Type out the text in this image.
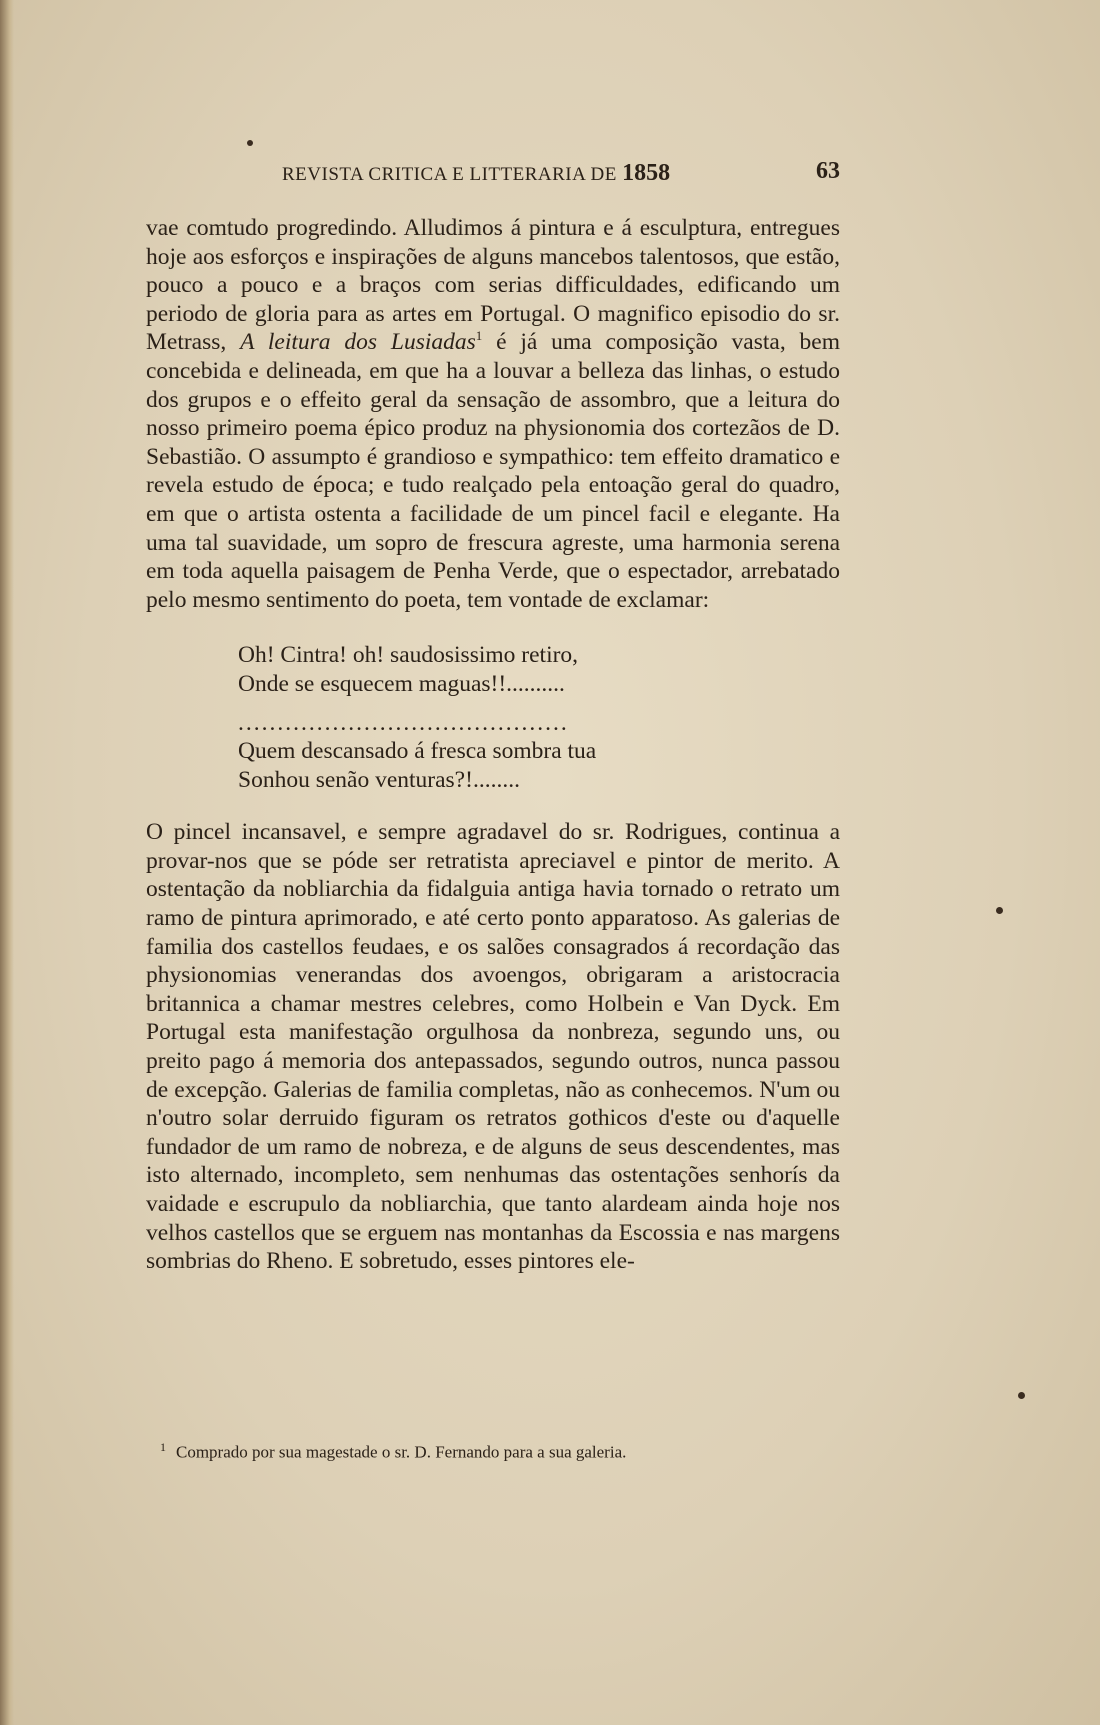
REVISTA CRITICA E LITTERARIA DE 1858	63

vae comtudo progredindo. Alludimos á pintura e á esculptura, entregues hoje aos esforços e inspirações de alguns mancebos talentosos, que estão, pouco a pouco e a braços com serias difficuldades, edificando um periodo de gloria para as artes em Portugal. O magnifico episodio do sr. Metrass, A leitura dos Lusiadas$^1$ é já uma composição vasta, bem concebida e delineada, em que ha a louvar a belleza das linhas, o estudo dos grupos e o effeito geral da sensação de assombro, que a leitura do nosso primeiro poema épico produz na physionomia dos cortezãos de D. Sebastião. O assumpto é grandioso e sympathico: tem effeito dramatico e revela estudo de época; e tudo realçado pela entoação geral do quadro, em que o artista ostenta a facilidade de um pincel facil e elegante. Ha uma tal suavidade, um sopro de frescura agreste, uma harmonia serena em toda aquella paisagem de Penha Verde, que o espectador, arrebatado pelo mesmo sentimento do poeta, tem vontade de exclamar:

Oh! Cintra! oh! saudosissimo retiro,
Onde se esquecem maguas!!..........
..........................................
Quem descansado á fresca sombra tua
Sonhou senão venturas?!........

O pincel incansavel, e sempre agradavel do sr. Rodrigues, continua a provar-nos que se póde ser retratista apreciavel e pintor de merito. A ostentação da nobliarchia da fidalguia antiga havia tornado o retrato um ramo de pintura aprimorado, e até certo ponto apparatoso. As galerias de familia dos castellos feudaes, e os salões consagrados á recordação das physionomias venerandas dos avoengos, obrigaram a aristocracia britannica a chamar mestres celebres, como Holbein e Van Dyck. Em Portugal esta manifestação orgulhosa da nonbreza, segundo uns, ou preito pago á memoria dos antepassados, segundo outros, nunca passou de excepção. Galerias de familia completas, não as conhecemos. N'um ou n'outro solar derruido figuram os retratos gothicos d'este ou d'aquelle fundador de um ramo de nobreza, e de alguns de seus descendentes, mas isto alternado, incompleto, sem nenhumas das ostentações senhorís da vaidade e escrupulo da nobliarchia, que tanto alardeam ainda hoje nos velhos castellos que se erguem nas montanhas da Escossia e nas margens sombrias do Rheno. E sobretudo, esses pintores ele-

$^1$ Comprado por sua magestade o sr. D. Fernando para a sua galeria.
